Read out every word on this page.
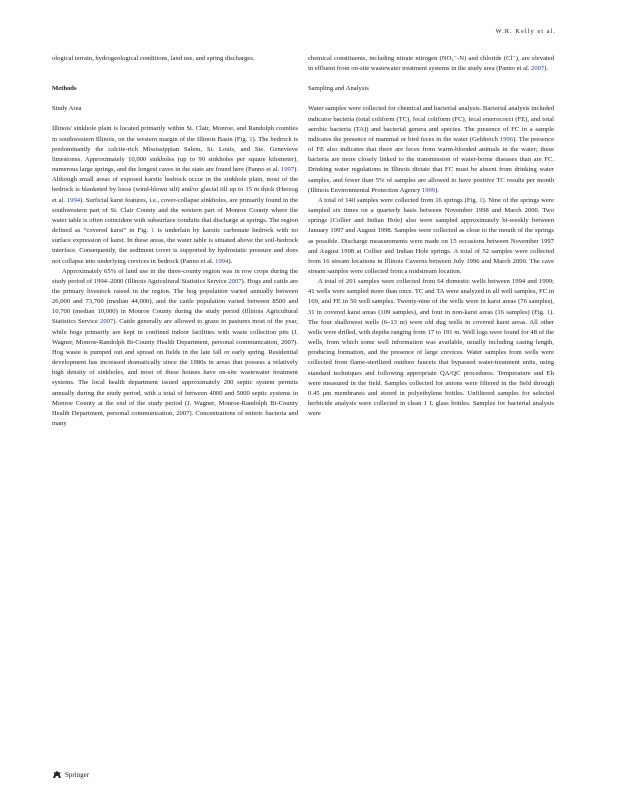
W.R. Kelly et al.

ological terrain, hydrogeological conditions, land use, and spring discharges.

Methods

Study Area

Illinois' sinkhole plain is located primarily within St. Clair, Monroe, and Randolph counties in southwestern Illinois, on the western margin of the Illinois Basin (Fig. 1). The bedrock is predominantly the calcite-rich Mississippian Salem, St. Louis, and Ste. Genevieve limestones. Approximately 10,000 sinkholes (up to 90 sinkholes per square kilometer), numerous large springs, and the longest caves in the state are found here (Panno et al. 1997). Although small areas of exposed karstic bedrock occur in the sinkhole plain, most of the bedrock is blanketed by loess (wind-blown silt) and/or glacial till up to 15 m thick (Herzog et al. 1994). Surficial karst features, i.e., cover-collapse sinkholes, are primarily found in the southwestern part of St. Clair County and the western part of Monroe County where the water table is often coincident with subsurface conduits that discharge at springs. The region defined as “covered karst” in Fig. 1 is underlain by karstic carbonate bedrock with no surface expression of karst. In these areas, the water table is situated above the soil-bedrock interface. Consequently, the sediment cover is supported by hydrostatic pressure and does not collapse into underlying crevices in bedrock (Panno et al. 1994).

Approximately 65% of land use in the three-county region was in row crops during the study period of 1994–2000 (Illinois Agricultural Statistics Service 2007). Hogs and cattle are the primary livestock raised in the region. The hog population varied annually between 26,000 and 73,700 (median 44,000), and the cattle population varied between 8500 and 10,700 (median 10,000) in Monroe County during the study period (Illinois Agricultural Statistics Service 2007). Cattle generally are allowed to graze in pastures most of the year, while hogs primarily are kept in confined indoor facilities with waste collection pits (J. Wagner, Monroe-Randolph Bi-County Health Department, personal communication, 2007). Hog waste is pumped out and spread on fields in the late fall or early spring. Residential development has increased dramatically since the 1980s in areas that possess a relatively high density of sinkholes, and most of these houses have on-site wastewater treatment systems. The local health department issued approximately 200 septic system permits annually during the study period, with a total of between 4000 and 5000 septic systems in Monroe County at the end of the study period (J. Wagner, Monroe-Randolph Bi-County Health Department, personal communication, 2007). Concentrations of enteric bacteria and many

chemical constituents, including nitrate nitrogen (NO₃⁻-N) and chloride (Cl⁻), are elevated in effluent from on-site wastewater treatment systems in the study area (Panno et al. 2007).

Sampling and Analysis

Water samples were collected for chemical and bacterial analysis. Bacterial analysis included indicator bacteria (total coliform (TC), fecal coliform (FC), fecal enterococci (FE), and total aerobic bacteria (TA)) and bacterial genera and species. The presence of FC in a sample indicates the presence of mammal or bird feces in the water (Geldreich 1996). The presence of FE also indicates that there are feces from warm-blooded animals in the water; these bacteria are more closely linked to the transmission of water-borne diseases than are FC. Drinking water regulations in Illinois dictate that FC must be absent from drinking water samples, and fewer than 5% of samples are allowed to have positive TC results per month (Illinois Environmental Protection Agency 1999).

A total of 140 samples were collected from 16 springs (Fig. 1). Nine of the springs were sampled six times on a quarterly basis between November 1998 and March 2000. Two springs (Collier and Indian Hole) also were sampled approximately bi-weekly between January 1997 and August 1998. Samples were collected as close to the mouth of the springs as possible. Discharge measurements were made on 15 occasions between November 1997 and August 1998 at Collier and Indian Hole springs. A total of 52 samples were collected from 16 stream locations in Illinois Caverns between July 1996 and March 2000. The cave stream samples were collected from a midstream location.

A total of 201 samples were collected from 64 domestic wells between 1994 and 1999; 41 wells were sampled more than once. TC and TA were analyzed in all well samples, FC in 169, and FE in 50 well samples. Twenty-nine of the wells were in karst areas (76 samples), 31 in covered karst areas (109 samples), and four in non-karst areas (16 samples) (Fig. 1). The four shallowest wells (6–13 m) were old dug wells in covered karst areas. All other wells were drilled, with depths ranging from 17 to 191 m. Well logs were found for 48 of the wells, from which some well information was available, usually including casing length, producing formation, and the presence of large crevices. Water samples from wells were collected from flame-sterilized outdoor faucets that bypassed water-treatment units, using standard techniques and following appropriate QA/QC procedures. Temperature and Eh were measured in the field. Samples collected for anions were filtered in the field through 0.45 μm membranes and stored in polyethylene bottles. Unfiltered samples for selected herbicide analysis were collected in clean 1 L glass bottles. Samples for bacterial analysis were

Springer
